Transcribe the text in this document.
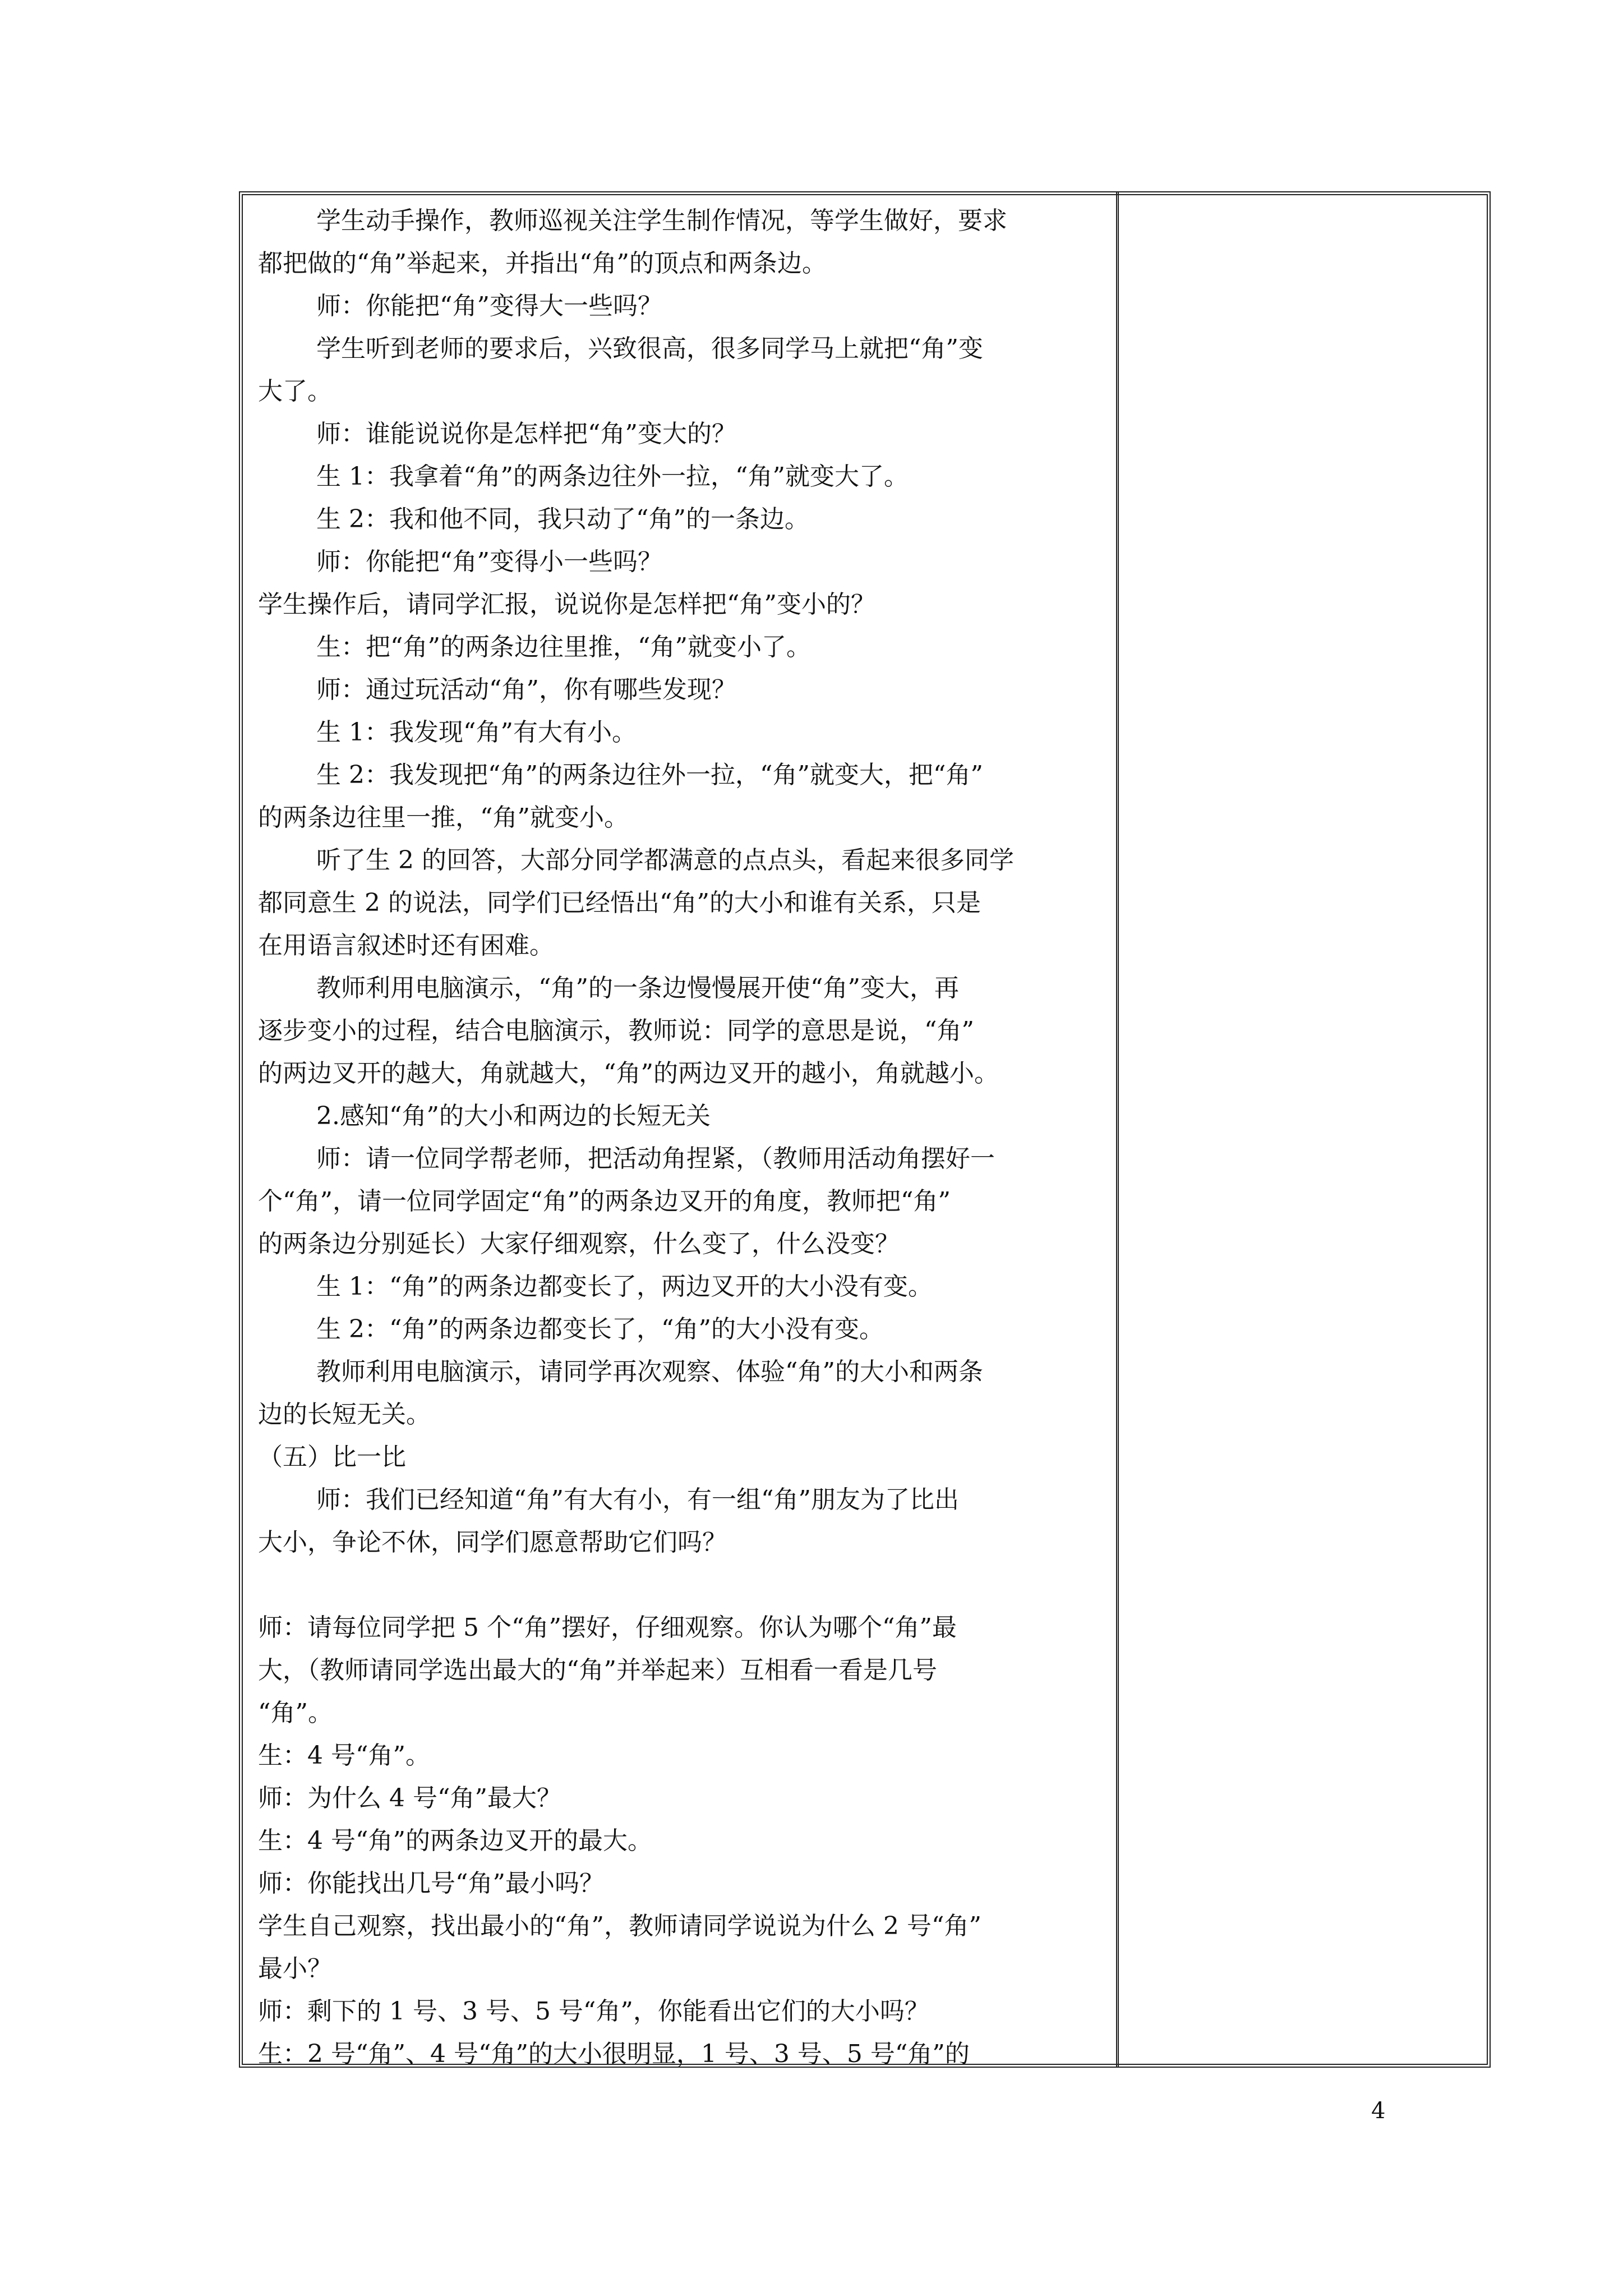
学生动手操作，教师巡视关注学生制作情况，等学生做好，要求
都把做的“角”举起来，并指出“角”的顶点和两条边。
师：你能把“角”变得大一些吗？
学生听到老师的要求后，兴致很高，很多同学马上就把“角”变
大了。
师：谁能说说你是怎样把“角”变大的？
生 1：我拿着“角”的两条边往外一拉，“角”就变大了。
生 2：我和他不同，我只动了“角”的一条边。
师：你能把“角”变得小一些吗？
学生操作后，请同学汇报，说说你是怎样把“角”变小的？
生：把“角”的两条边往里推，“角”就变小了。
师：通过玩活动“角”，你有哪些发现？
生 1：我发现“角”有大有小。
生 2：我发现把“角”的两条边往外一拉，“角”就变大，把“角”
的两条边往里一推，“角”就变小。
听了生 2 的回答，大部分同学都满意的点点头，看起来很多同学
都同意生 2 的说法，同学们已经悟出“角”的大小和谁有关系，只是
在用语言叙述时还有困难。
教师利用电脑演示，“角”的一条边慢慢展开使“角”变大，再
逐步变小的过程，结合电脑演示，教师说：同学的意思是说，“角”
的两边叉开的越大，角就越大，“角”的两边叉开的越小，角就越小。
2.感知“角”的大小和两边的长短无关
师：请一位同学帮老师，把活动角捏紧，（教师用活动角摆好一
个“角”，请一位同学固定“角”的两条边叉开的角度，教师把“角”
的两条边分别延长）大家仔细观察，什么变了，什么没变？
生 1：“角”的两条边都变长了，两边叉开的大小没有变。
生 2：“角”的两条边都变长了，“角”的大小没有变。
教师利用电脑演示，请同学再次观察、体验“角”的大小和两条
边的长短无关。
（五）比一比
师：我们已经知道“角”有大有小，有一组“角”朋友为了比出
大小，争论不休，同学们愿意帮助它们吗？
师：请每位同学把 5 个“角”摆好，仔细观察。你认为哪个“角”最
大，（教师请同学选出最大的“角”并举起来）互相看一看是几号
“角”。
生：4 号“角”。
师：为什么 4 号“角”最大？
生：4 号“角”的两条边叉开的最大。
师：你能找出几号“角”最小吗？
学生自己观察，找出最小的“角”，教师请同学说说为什么 2 号“角”
最小？
师：剩下的 1 号、3 号、5 号“角”，你能看出它们的大小吗？
生：2 号“角”、4 号“角”的大小很明显，1 号、3 号、5 号“角”的
4
